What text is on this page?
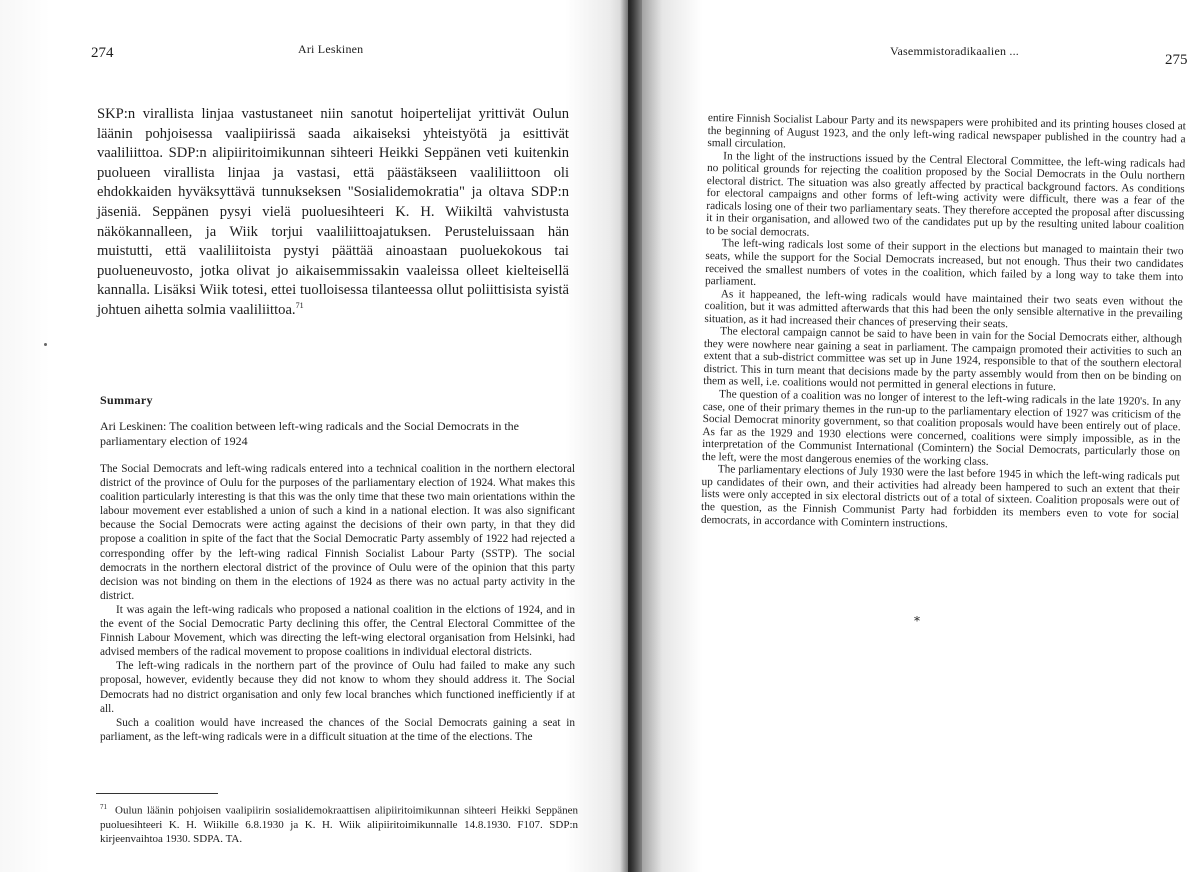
274	Ari Leskinen

SKP:n virallista linjaa vastustaneet niin sanotut hoipertelijat yrittivät Oulun läänin pohjoisessa vaalipiirissä saada aikaiseksi yhteistyötä ja esittivät vaaliliittoa. SDP:n alipiiritoimikunnan sihteeri Heikki Seppänen veti kuitenkin puolueen virallista linjaa ja vastasi, että päästäkseen vaaliliittoon oli ehdokkaiden hyväksyttävä tunnukseksen "Sosialidemokratia" ja oltava SDP:n jäseniä. Seppänen pysyi vielä puoluesihteeri K. H. Wiikiltä vahvistusta näkökannalleen, ja Wiik torjui vaaliliittoajatuksen. Perusteluissaan hän muistutti, että vaaliliitoista pystyi päättää ainoastaan puoluekokous tai puolueneuvosto, jotka olivat jo aikaisemmissakin vaaleissa olleet kielteisellä kannalla. Lisäksi Wiik totesi, ettei tuolloisessa tilanteessa ollut poliittisista syistä johtuen aihetta solmia vaaliliittoa.$^{71}$

Summary
Ari Leskinen: The coalition between left-wing radicals and the Social Democrats in the parliamentary election of 1924

The Social Democrats and left-wing radicals entered into a technical coalition in the northern electoral district of the province of Oulu for the purposes of the parliamentary election of 1924. What makes this coalition particularly interesting is that this was the only time that these two main orientations within the labour movement ever established a union of such a kind in a national election. It was also significant because the Social Democrats were acting against the decisions of their own party, in that they did propose a coalition in spite of the fact that the Social Democratic Party assembly of 1922 had rejected a corresponding offer by the left-wing radical Finnish Socialist Labour Party (SSTP). The social democrats in the northern electoral district of the province of Oulu were of the opinion that this party decision was not binding on them in the elections of 1924 as there was no actual party activity in the district.

It was again the left-wing radicals who proposed a national coalition in the elctions of 1924, and in the event of the Social Democratic Party declining this offer, the Central Electoral Committee of the Finnish Labour Movement, which was directing the left-wing electoral organisation from Helsinki, had advised members of the radical movement to propose coalitions in individual electoral districts.

The left-wing radicals in the northern part of the province of Oulu had failed to make any such proposal, however, evidently because they did not know to whom they should address it. The Social Democrats had no district organisation and only few local branches which functioned inefficiently if at all.

Such a coalition would have increased the chances of the Social Democrats gaining a seat in parliament, as the left-wing radicals were in a difficult situation at the time of the elections. The

$^{71}$ Oulun läänin pohjoisen vaalipiirin sosialidemokraattisen alipiiritoimikunnan sihteeri Heikki Seppänen puoluesihteeri K. H. Wiikille 6.8.1930 ja K. H. Wiik alipiiritoimikunnalle 14.8.1930. F107. SDP:n kirjeenvaihtoa 1930. SDPA. TA.
Vasemmistoradikaalien ...
275

entire Finnish Socialist Labour Party and its newspapers were prohibited and its printing houses closed at the beginning of August 1923, and the only left-wing radical newspaper published in the country had a small circulation.

In the light of the instructions issued by the Central Electoral Committee, the left-wing radicals had no political grounds for rejecting the coalition proposed by the Social Democrats in the Oulu northern electoral district. The situation was also greatly affected by practical background factors. As conditions for electoral campaigns and other forms of left-wing activity were difficult, there was a fear of the radicals losing one of their two parliamentary seats. They therefore accepted the proposal after discussing it in their organisation, and allowed two of the candidates put up by the resulting united labour coalition to be social democrats.

The left-wing radicals lost some of their support in the elections but managed to maintain their two seats, while the support for the Social Democrats increased, but not enough. Thus their two candidates received the smallest numbers of votes in the coalition, which failed by a long way to take them into parliament.

As it happeaned, the left-wing radicals would have maintained their two seats even without the coalition, but it was admitted afterwards that this had been the only sensible alternative in the prevailing situation, as it had increased their chances of preserving their seats.

The electoral campaign cannot be said to have been in vain for the Social Democrats either, although they were nowhere near gaining a seat in parliament. The campaign promoted their activities to such an extent that a sub-district committee was set up in June 1924, responsible to that of the southern electoral district. This in turn meant that decisions made by the party assembly would from then on be binding on them as well, i.e. coalitions would not permitted in general elections in future.

The question of a coalition was no longer of interest to the left-wing radicals in the late 1920's. In any case, one of their primary themes in the run-up to the parliamentary election of 1927 was criticism of the Social Democrat minority government, so that coalition proposals would have been entirely out of place. As far as the 1929 and 1930 elections were concerned, coalitions were simply impossible, as in the interpretation of the Communist International (Comintern) the Social Democrats, particularly those on the left, were the most dangerous enemies of the working class.

The parliamentary elections of July 1930 were the last before 1945 in which the left-wing radicals put up candidates of their own, and their activities had already been hampered to such an extent that their lists were only accepted in six electoral districts out of a total of sixteen. Coalition proposals were out of the question, as the Finnish Communist Party had forbidden its members even to vote for social democrats, in accordance with Comintern instructions.

⁎
